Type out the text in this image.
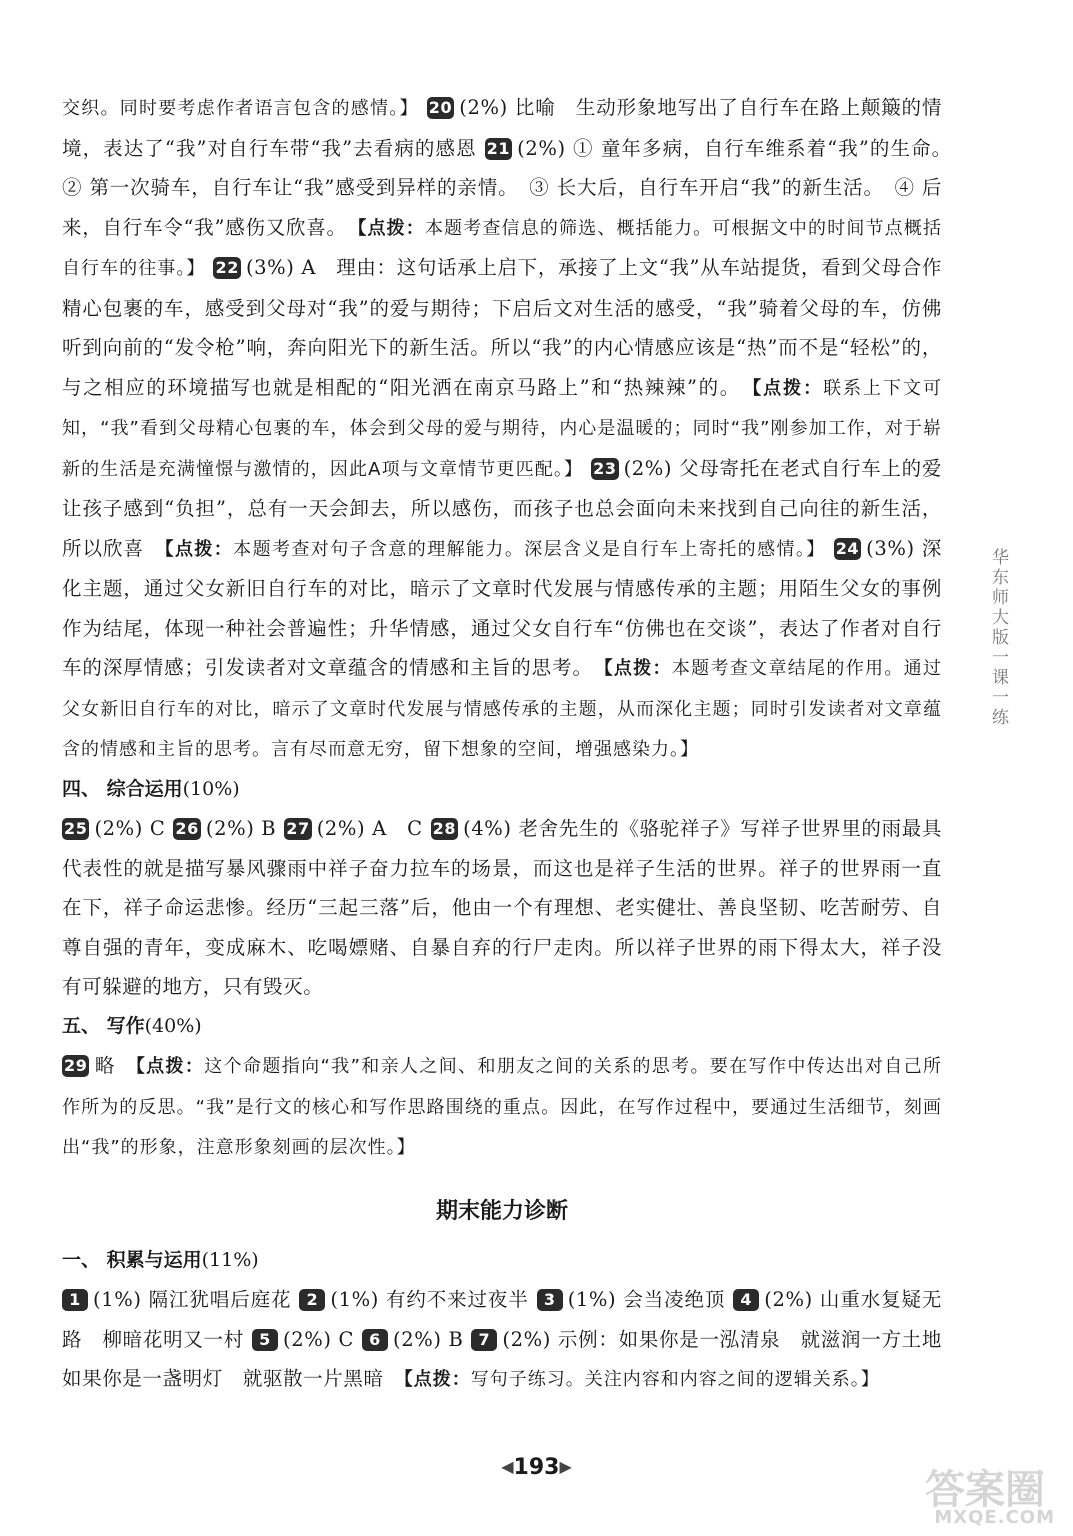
交织。同时要考虑作者语言包含的感情。】 20 (2%) 比喻　生动形象地写出了自行车在路上颠簸的情境，表达了“我”对自行车带“我”去看病的感恩 21 (2%) ① 童年多病，自行车维系着“我”的生命。　② 第一次骑车，自行车让“我”感受到异样的亲情。　③ 长大后，自行车开启“我”的新生活。　④ 后来，自行车令“我”感伤又欣喜。　 【点拨：本题考查信息的筛选、概括能力。可根据文中的时间节点概括自行车的往事。】 22 (3%) A　理由：这句话承上启下，承接了上文“我”从车站提货，看到父母合作精心包裹的车，感受到父母对“我”的爱与期待；下启后文对生活的感受，“我”骑着父母的车，仿佛听到向前的“发令枪”响，奔向阳光下的新生活。所以“我”的内心情感应该是“热”而不是“轻松”的，与之相应的环境描写也就是相配的“阳光洒在南京马路上”和“热辣辣”的。　 【点拨：联系上下文可知，“我”看到父母精心包裹的车，体会到父母的爱与期待，内心是温暖的；同时“我”刚参加工作，对于崭新的生活是充满憧憬与激情的，因此A项与文章情节更匹配。】 23 (2%) 父母寄托在老式自行车上的爱让孩子感到“负担”，总有一天会卸去，所以感伤，而孩子也总会面向未来找到自己向往的新生活，所以欣喜　 【点拨：本题考查对句子含意的理解能力。深层含义是自行车上寄托的感情。】 24 (3%) 深化主题，通过父女新旧自行车的对比，暗示了文章时代发展与情感传承的主题；用陌生父女的事例作为结尾，体现一种社会普遍性；升华情感，通过父女自行车“仿佛也在交谈”，表达了作者对自行车的深厚情感；引发读者对文章蕴含的情感和主旨的思考。　 【点拨：本题考查文章结尾的作用。通过父女新旧自行车的对比，暗示了文章时代发展与情感传承的主题，从而深化主题；同时引发读者对文章蕴含的情感和主旨的思考。言有尽而意无穷，留下想象的空间，增强感染力。】

四、 综合运用(10%)

25 (2%) C 26 (2%) B 27 (2%) A　C 28 (4%) 老舍先生的《骆驼祥子》写祥子世界里的雨最具代表性的就是描写暴风骤雨中祥子奋力拉车的场景，而这也是祥子生活的世界。祥子的世界雨一直在下，祥子命运悲惨。经历“三起三落”后，他由一个有理想、老实健壮、善良坚韧、吃苦耐劳、自尊自强的青年，变成麻木、吃喝嫖赌、自暴自弃的行尸走肉。所以祥子世界的雨下得太大，祥子没有可躲避的地方，只有毁灭。

五、 写作(40%)

29 略　 【点拨：这个命题指向“我”和亲人之间、和朋友之间的关系的思考。要在写作中传达出对自己所作所为的反思。“我”是行文的核心和写作思路围绕的重点。因此，在写作过程中，要通过生活细节，刻画出“我”的形象，注意形象刻画的层次性。】

期末能力诊断

一、 积累与运用(11%)

1 (1%) 隔江犹唱后庭花 2 (1%) 有约不来过夜半 3 (1%) 会当凌绝顶 4 (2%) 山重水复疑无路　柳暗花明又一村 5 (2%) C 6 (2%) B 7 (2%) 示例：如果你是一泓清泉　就滋润一方土地　如果你是一盏明灯　就驱散一片黑暗　 【点拨：写句子练习。关注内容和内容之间的逻辑关系。】

华东师大版一课一练
◀193▶
答案圈
MXQE.COM
